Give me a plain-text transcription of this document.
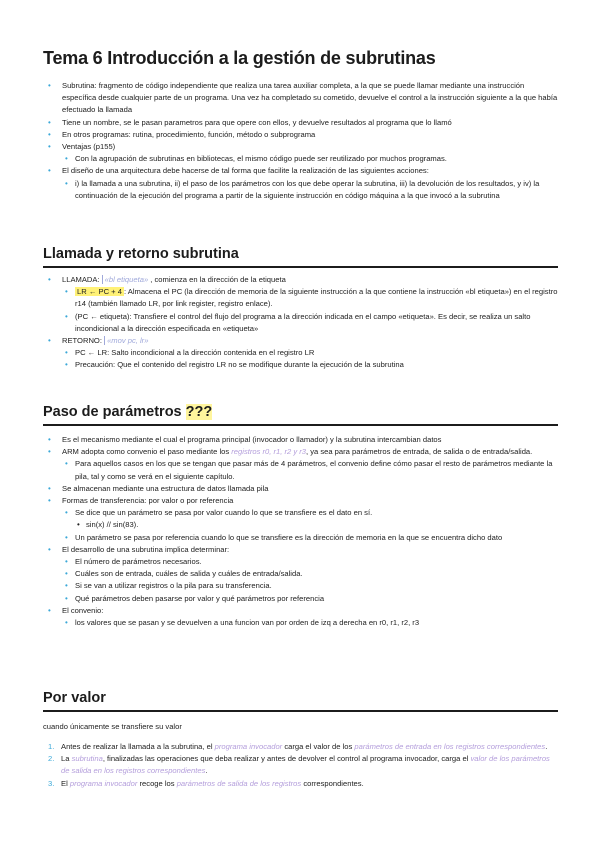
Tema 6 Introducción a la gestión de subrutinas
• Subrutina: fragmento de código independiente que realiza una tarea auxiliar completa, a la que se puede llamar mediante una instrucción específica desde cualquier parte de un programa. Una vez ha completado su cometido, devuelve el control a la instrucción siguiente a la que había efectuado la llamada
• Tiene un nombre, se le pasan parametros para que opere con ellos, y devuelve resultados al programa que lo llamó
• En otros programas: rutina, procedimiento, función, método o subprograma
• Ventajas (p155)
• Con la agrupación de subrutinas en bibliotecas, el mismo código puede ser reutilizado por muchos programas.
• El diseño de una arquitectura debe hacerse de tal forma que facilite la realización de las siguientes acciones:
• i) la llamada a una subrutina, ii) el paso de los parámetros con los que debe operar la subrutina, iii) la devolución de los resultados, y iv) la continuación de la ejecución del programa a partir de la siguiente instrucción en código máquina a la que invocó a la subrutina
Llamada y retorno subrutina
• LLAMADA: «bl etiqueta» , comienza en la dirección de la etiqueta
• LR ← PC + 4 : Almacena el PC (la dirección de memoria de la siguiente instrucción a la que contiene la instrucción «bl etiqueta») en el registro r14 (también llamado LR, por link register, registro enlace).
• (PC ← etiqueta): Transfiere el control del flujo del programa a la dirección indicada en el campo «etiqueta». Es decir, se realiza un salto incondicional a la dirección especificada en «etiqueta»
• RETORNO: «mov pc, lr»
• PC ← LR: Salto incondicional a la dirección contenida en el registro LR
• Precaución: Que el contenido del registro LR no se modifique durante la ejecución de la subrutina
Paso de parámetros ???
• Es el mecanismo mediante el cual el programa principal (invocador o llamador) y la subrutina intercambian datos
• ARM adopta como convenio el paso mediante los registros r0, r1, r2 y r3, ya sea para parámetros de entrada, de salida o de entrada/salida.
• Para aquellos casos en los que se tengan que pasar más de 4 parámetros, el convenio define cómo pasar el resto de parámetros mediante la pila, tal y como se verá en el siguiente capítulo.
• Se almacenan mediante una estructura de datos llamada pila
• Formas de transferencia: por valor o por referencia
• Se dice que un parámetro se pasa por valor cuando lo que se transfiere es el dato en sí.
• sin(x) // sin(83).
• Un parámetro se pasa por referencia cuando lo que se transfiere es la dirección de memoria en la que se encuentra dicho dato
• El desarrollo de una subrutina implica determinar:
• El número de parámetros necesarios.
• Cuáles son de entrada, cuáles de salida y cuáles de entrada/salida.
• Si se van a utilizar registros o la pila para su transferencia.
• Qué parámetros deben pasarse por valor y qué parámetros por referencia
• El convenio:
• los valores que se pasan y se devuelven a una funcion van por orden de izq a derecha en r0, r1, r2, r3
Por valor
cuando únicamente se transfiere su valor
1. Antes de realizar la llamada a la subrutina, el programa invocador carga el valor de los parámetros de entrada en los registros correspondientes.
2. La subrutina, finalizadas las operaciones que deba realizar y antes de devolver el control al programa invocador, carga el valor de los parámetros de salida en los registros correspondientes.
3. El programa invocador recoge los parámetros de salida de los registros correspondientes.
